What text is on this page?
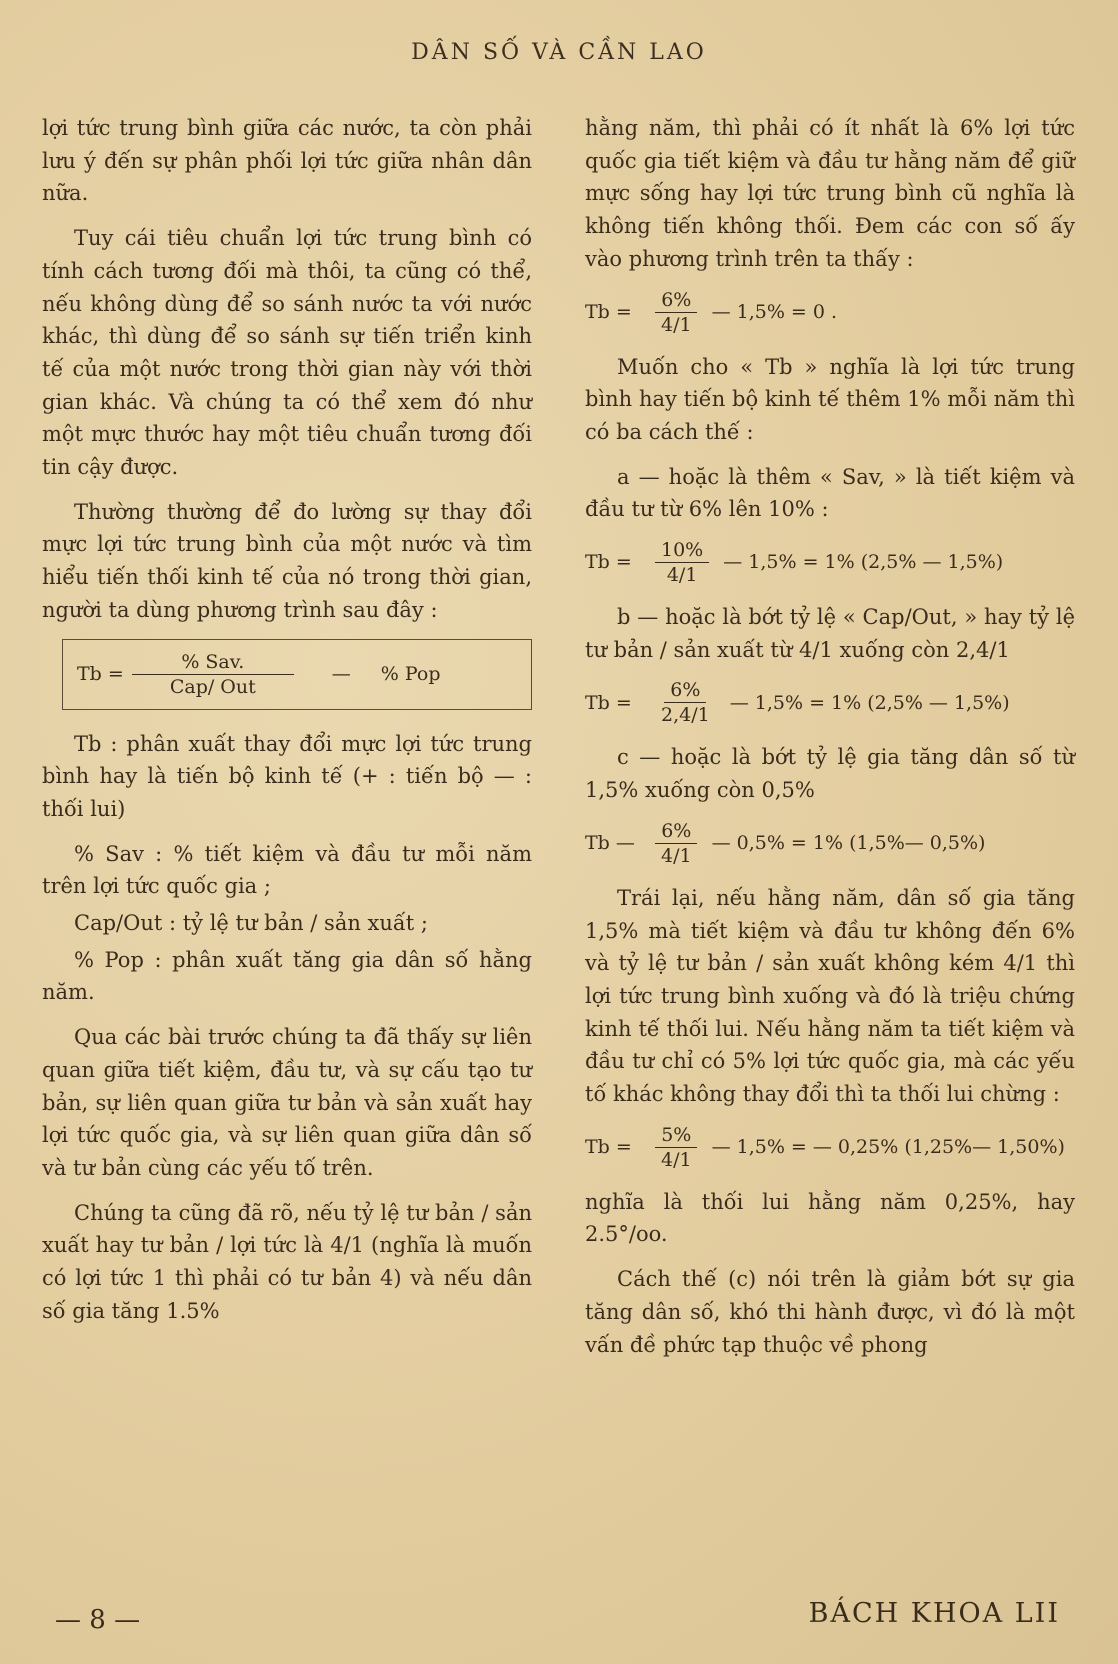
DÂN SỐ VÀ CẦN LAO

lợi tức trung bình giữa các nước, ta còn phải lưu ý đến sự phân phối lợi tức giữa nhân dân nữa.

Tuy cái tiêu chuẩn lợi tức trung bình có tính cách tương đối mà thôi, ta cũng có thể, nếu không dùng để so sánh nước ta với nước khác, thì dùng để so sánh sự tiến triển kinh tế của một nước trong thời gian này với thời gian khác. Và chúng ta có thể xem đó như một mực thước hay một tiêu chuẩn tương đối tin cậy được.

Thường thường để đo lường sự thay đổi mực lợi tức trung bình của một nước và tìm hiểu tiến thối kinh tế của nó trong thời gian, người ta dùng phương trình sau đây :

$Tb = \frac{\text{\% Sav.}}{\text{Cap/ Out}}$ — % Pop

Tb : phân xuất thay đổi mực lợi tức trung bình hay là tiến bộ kinh tế (+ : tiến bộ — : thối lui)

% Sav : % tiết kiệm và đầu tư mỗi năm trên lợi tức quốc gia ;

Cap/Out : tỷ lệ tư bản / sản xuất ;

% Pop : phân xuất tăng gia dân số hằng năm.

Qua các bài trước chúng ta đã thấy sự liên quan giữa tiết kiệm, đầu tư, và sự cấu tạo tư bản, sự liên quan giữa tư bản và sản xuất hay lợi tức quốc gia, và sự liên quan giữa dân số và tư bản cùng các yếu tố trên.

Chúng ta cũng đã rõ, nếu tỷ lệ tư bản / sản xuất hay tư bản / lợi tức là 4/1 (nghĩa là muốn có lợi tức 1 thì phải có tư bản 4) và nếu dân số gia tăng 1.5%

hằng năm, thì phải có ít nhất là 6% lợi tức quốc gia tiết kiệm và đầu tư hằng năm để giữ mực sống hay lợi tức trung bình cũ nghĩa là không tiến không thối. Đem các con số ấy vào phương trình trên ta thấy :

Tb =	$\frac{6\%}{4/1}$ — 1,5% = 0 .

Muốn cho « Tb » nghĩa là lợi tức trung bình hay tiến bộ kinh tế thêm 1% mỗi năm thì có ba cách thế :

a — hoặc là thêm « Sav, » là tiết kiệm và đầu tư từ 6% lên 10% :

Tb =	$\frac{10\%}{4/1}$ — 1,5% = 1% (2,5% — 1,5%)

b — hoặc là bớt tỷ lệ « Cap/Out, » hay tỷ lệ tư bản / sản xuất từ 4/1 xuống còn 2,4/1

Tb =	$\frac{6\%}{2,4/1}$ — 1,5% = 1% (2,5% — 1,5%)

c — hoặc là bớt tỷ lệ gia tăng dân số từ 1,5% xuống còn 0,5%

Tb —	$\frac{6\%}{4/1}$ — 0,5% = 1% (1,5%— 0,5%)

Trái lại, nếu hằng năm, dân số gia tăng 1,5% mà tiết kiệm và đầu tư không đến 6% và tỷ lệ tư bản / sản xuất không kém 4/1 thì lợi tức trung bình xuống và đó là triệu chứng kinh tế thối lui. Nếu hằng năm ta tiết kiệm và đầu tư chỉ có 5% lợi tức quốc gia, mà các yếu tố khác không thay đổi thì ta thối lui chừng :

Tb =	$\frac{5\%}{4/1}$ — 1,5% = — 0,25% (1,25%— 1,50%)

nghĩa là thối lui hằng năm 0,25%, hay 2.5°/oo.

Cách thế (c) nói trên là giảm bớt sự gia tăng dân số, khó thi hành được, vì đó là một vấn đề phức tạp thuộc về phong

— 8 —	BÁCH KHOA LII
